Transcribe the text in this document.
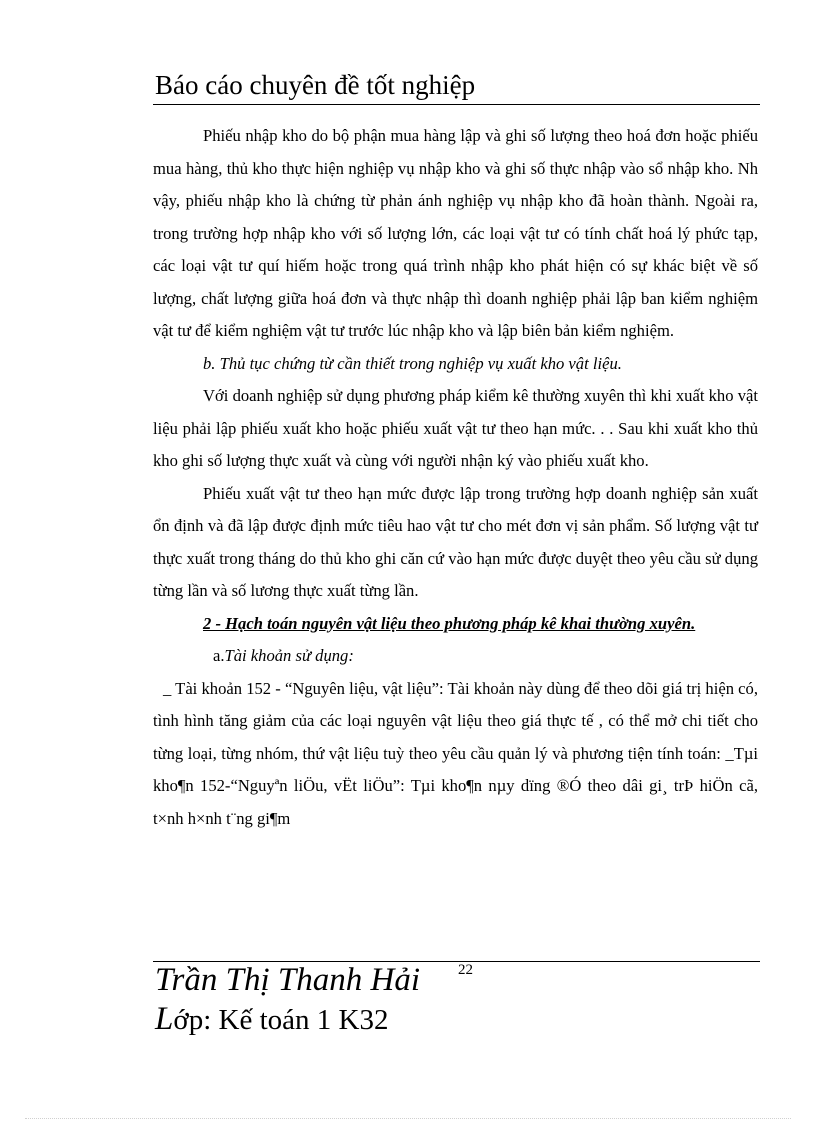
Báo cáo chuyên đề tốt nghiệp

Phiếu nhập kho do bộ phận mua hàng lập và ghi số lượng theo hoá đơn hoặc phiếu mua hàng, thủ kho thực hiện nghiệp vụ nhập kho và ghi số thực nhập vào sổ nhập kho. Nh vậy, phiếu nhập kho là chứng từ phản ánh nghiệp vụ nhập kho đã hoàn thành. Ngoài ra, trong trường hợp nhập kho với số lượng lớn, các loại vật tư có tính chất hoá lý phức tạp, các loại vật tư quí hiếm hoặc trong quá trình nhập kho phát hiện có sự khác biệt về số lượng, chất lượng giữa hoá đơn và thực nhập thì doanh nghiệp phải lập ban kiểm nghiệm vật tư để kiểm nghiệm vật tư trước lúc nhập kho và lập biên bản kiểm nghiệm.

b. Thủ tục chứng từ cần thiết trong nghiệp vụ xuất kho vật liệu.

Với doanh nghiệp sử dụng phương pháp kiểm kê thường xuyên thì khi xuất kho vật liệu phải lập phiếu xuất kho hoặc phiếu xuất vật tư theo hạn mức. . . Sau khi xuất kho thủ kho ghi số lượng thực xuất và cùng với người nhận ký vào phiếu xuất kho.

Phiếu xuất vật tư theo hạn mức được lập trong trường hợp doanh nghiệp sản xuất ổn định và đã lập được định mức tiêu hao vật tư cho mét đơn vị sản phẩm. Số lượng vật tư thực xuất trong tháng do thủ kho ghi căn cứ vào hạn mức được duyệt theo yêu cầu sử dụng từng lần và số lương thực xuất từng lần.

2 - Hạch toán nguyên vật liệu theo phương pháp kê khai thường xuyên.

a.Tài khoản sử dụng:

_ Tài khoản 152 - “Nguyên liệu, vật liệu”: Tài khoản này dùng để theo dõi giá trị hiện có, tình hình tăng giảm của các loại nguyên vật liệu theo giá thực tế , có thể mở chi tiết cho từng loại, từng nhóm, thứ vật liệu tuỳ theo yêu cầu quản lý và phương tiện tính toán: _Tµi kho¶n 152-“Nguyªn liÖu, vËt liÖu”: Tµi kho¶n nµy dïng ®Ó theo dâi gi¸ trÞ hiÖn cã, t×nh h×nh t¨ng gi¶m

Trần Thị Thanh Hải	22
Lớp: Kế toán 1 K32
